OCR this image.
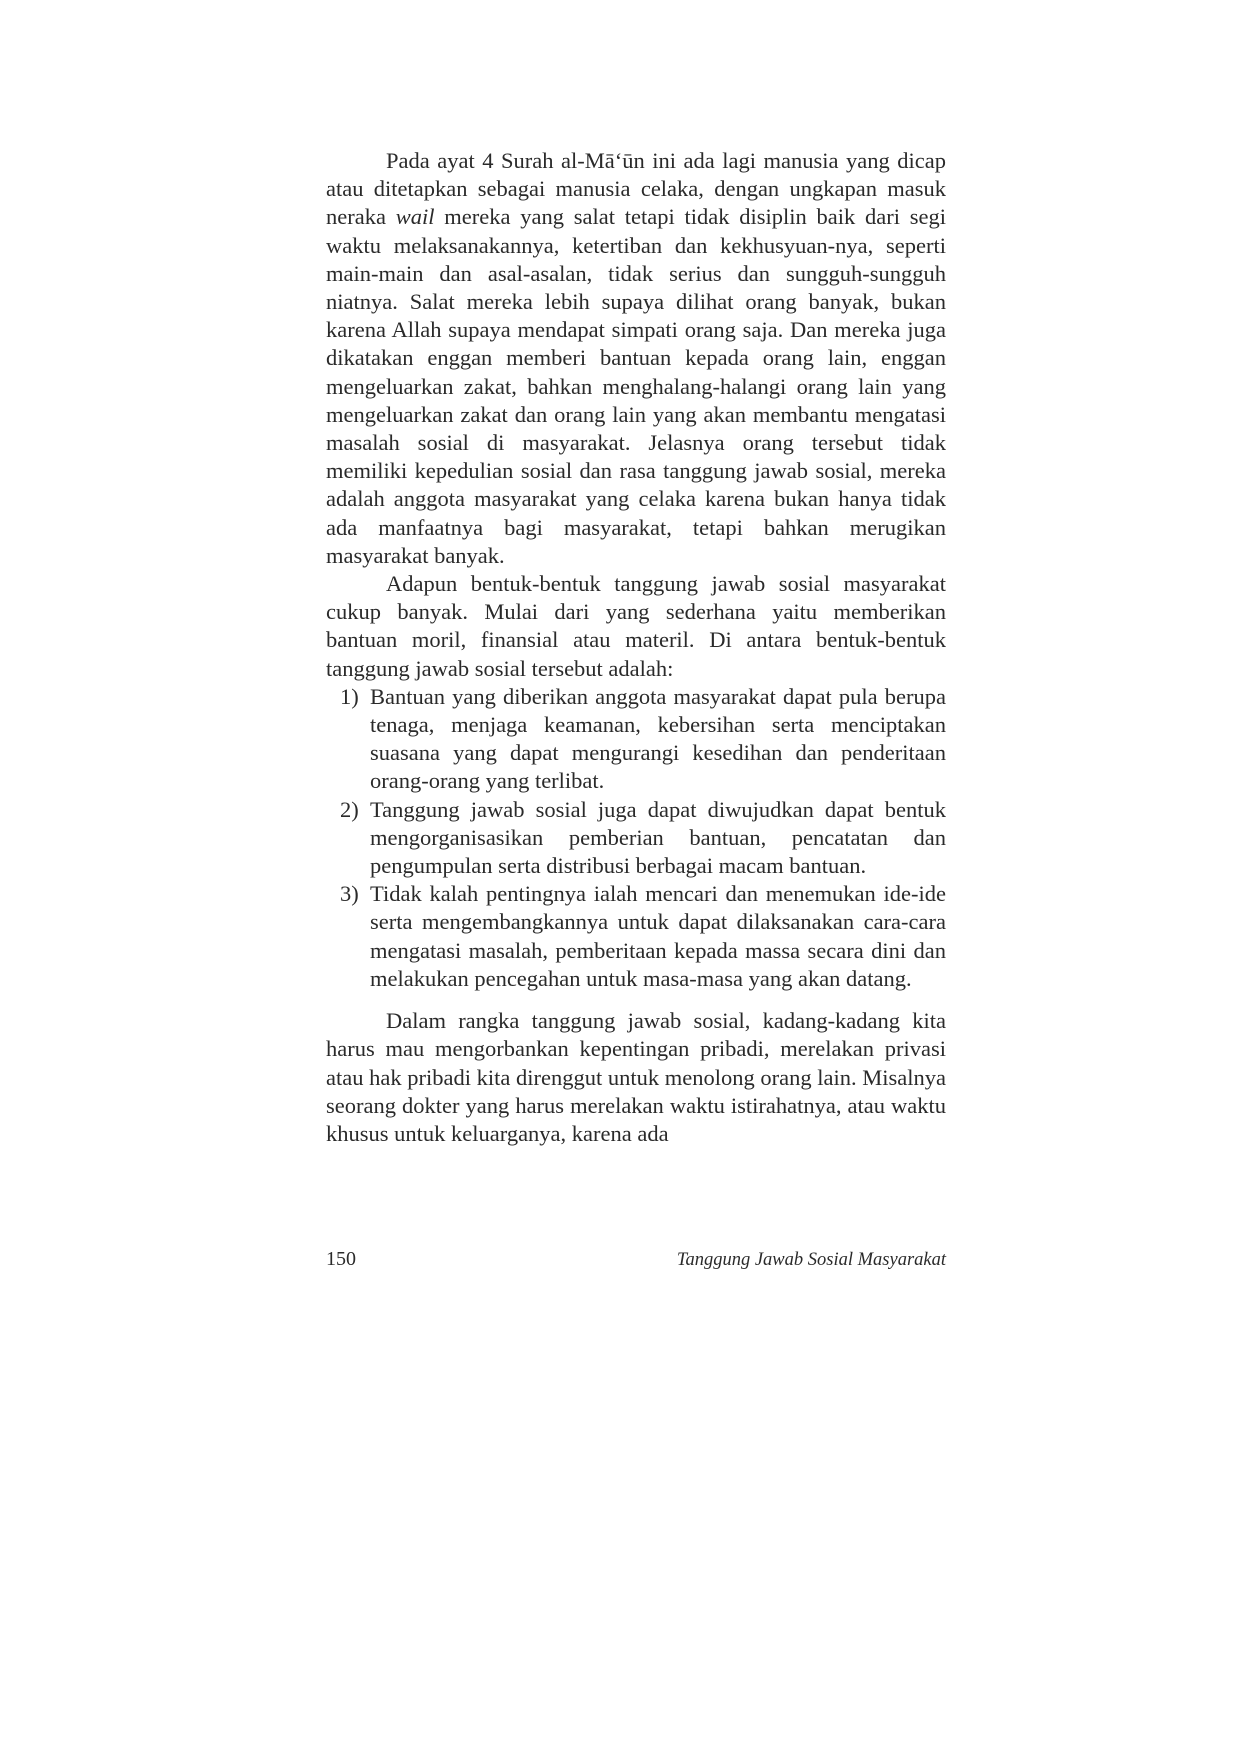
Pada ayat 4 Surah al-Mā‘ūn ini ada lagi manusia yang dicap atau ditetapkan sebagai manusia celaka, dengan ungkapan masuk neraka wail mereka yang salat tetapi tidak disiplin baik dari segi waktu melaksanakannya, ketertiban dan kekhusyuan-nya, seperti main-main dan asal-asalan, tidak serius dan sungguh-sungguh niatnya. Salat mereka lebih supaya dilihat orang banyak, bukan karena Allah supaya mendapat simpati orang saja. Dan mereka juga dikatakan enggan memberi bantuan kepada orang lain, enggan mengeluarkan zakat, bahkan menghalang-halangi orang lain yang mengeluarkan zakat dan orang lain yang akan membantu mengatasi masalah sosial di masyarakat. Jelasnya orang tersebut tidak memiliki kepedulian sosial dan rasa tanggung jawab sosial, mereka adalah anggota masyarakat yang celaka karena bukan hanya tidak ada manfaatnya bagi masyarakat, tetapi bahkan merugikan masyarakat banyak.

Adapun bentuk-bentuk tanggung jawab sosial masyarakat cukup banyak. Mulai dari yang sederhana yaitu memberikan bantuan moril, finansial atau materil. Di antara bentuk-bentuk tanggung jawab sosial tersebut adalah:

1) Bantuan yang diberikan anggota masyarakat dapat pula berupa tenaga, menjaga keamanan, kebersihan serta menciptakan suasana yang dapat mengurangi kesedihan dan penderitaan orang-orang yang terlibat.
2) Tanggung jawab sosial juga dapat diwujudkan dapat bentuk mengorganisasikan pemberian bantuan, pencatatan dan pengumpulan serta distribusi berbagai macam bantuan.
3) Tidak kalah pentingnya ialah mencari dan menemukan ide-ide serta mengembangkannya untuk dapat dilaksanakan cara-cara mengatasi masalah, pemberitaan kepada massa secara dini dan melakukan pencegahan untuk masa-masa yang akan datang.

Dalam rangka tanggung jawab sosial, kadang-kadang kita harus mau mengorbankan kepentingan pribadi, merelakan privasi atau hak pribadi kita direnggut untuk menolong orang lain. Misalnya seorang dokter yang harus merelakan waktu istirahatnya, atau waktu khusus untuk keluarganya, karena ada

150	Tanggung Jawab Sosial Masyarakat
